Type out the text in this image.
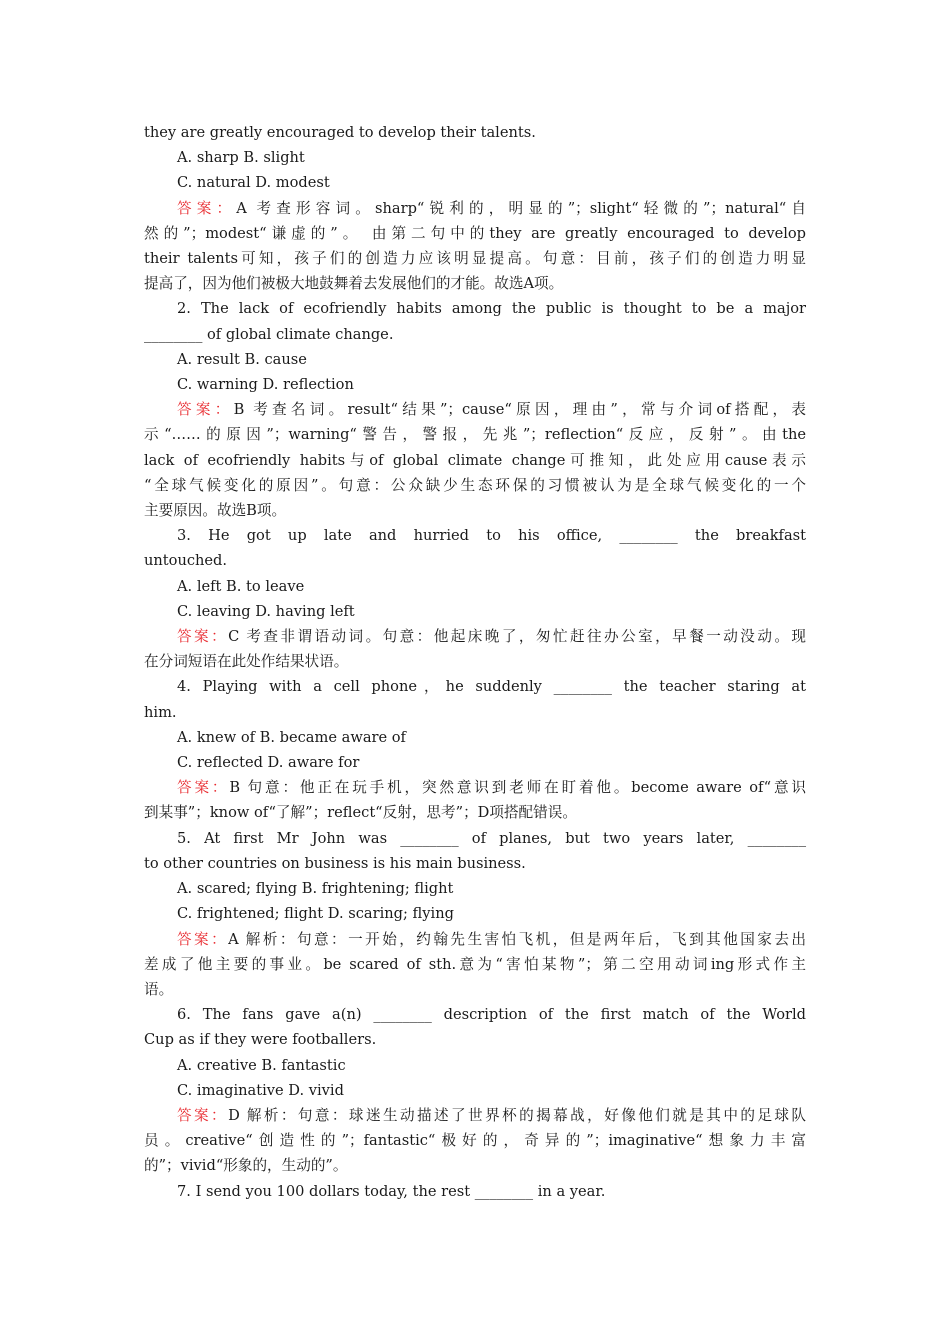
they are greatly encouraged to develop their talents.
A. sharp B. slight
C. natural D. modest
答案：A 考查形容词。sharp“锐利的，明显的”；slight“轻微的”；natural“自
然的”；modest“谦虚的”。 由第二句中的they are greatly encouraged to develop
their talents可知，孩子们的创造力应该明显提高。句意：目前，孩子们的创造力明显
提高了，因为他们被极大地鼓舞着去发展他们的才能。故选A项。
2. The lack of ecofriendly habits among the public is thought to be a major
________ of global climate change.
A. result B. cause
C. warning D. reflection
答案：B 考查名词。result“结果”；cause“原因，理由”，常与介词of搭配，表
示“……的原因”；warning“警告，警报，先兆”；reflection“反应，反射”。由the
lack of ecofriendly habits与of global climate change可推知，此处应用cause表示
“全球气候变化的原因”。句意：公众缺少生态环保的习惯被认为是全球气候变化的一个
主要原因。故选B项。
3. He got up late and hurried to his office, ________ the breakfast
untouched.
A. left B. to leave
C. leaving D. having left
答案：C 考查非谓语动词。句意：他起床晚了，匆忙赶往办公室，早餐一动没动。现
在分词短语在此处作结果状语。
4. Playing with a cell phone，he suddenly ________ the teacher staring at
him.
A. knew of B. became aware of
C. reflected D. aware for
答案：B 句意：他正在玩手机，突然意识到老师在盯着他。become aware of“意识
到某事”；know of“了解”；reflect“反射，思考”；D项搭配错误。
5. At first Mr John was ________ of planes, but two years later, ________
to other countries on business is his main business.
A. scared; flying B. frightening; flight
C. frightened; flight D. scaring; flying
答案：A 解析：句意：一开始，约翰先生害怕飞机，但是两年后，飞到其他国家去出
差成了他主要的事业。be scared of sth.意为“害怕某物”；第二空用动词ing形式作主
语。
6. The fans gave a(n) ________ description of the first match of the World
Cup as if they were footballers.
A. creative B. fantastic
C. imaginative D. vivid
答案：D 解析：句意：球迷生动描述了世界杯的揭幕战，好像他们就是其中的足球队
员。creative“创造性的”；fantastic“极好的，奇异的”；imaginative“想象力丰富
的”；vivid“形象的，生动的”。
7. I send you 100 dollars today, the rest ________ in a year.
